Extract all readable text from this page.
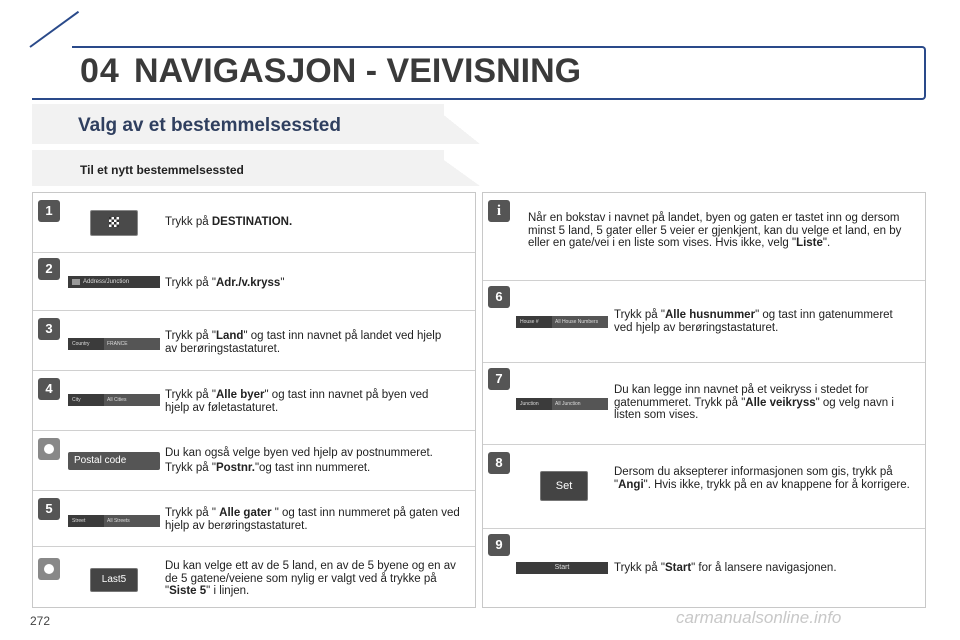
04 NAVIGASJON - VEIVISNING
Valg av et bestemmelsessted
Til et nytt bestemmelsessted
1
Trykk på DESTINATION.
2
Address/Junction	Trykk på "Adr./v.kryss"
3
Country	FRANCE
Trykk på "Land" og tast inn navnet på landet ved hjelp av berøringstastaturet.
4
City	All Cities	Trykk på "Alle byer" og tast inn navnet på byen ved hjelp av føletastaturet.
Postal code
Du kan også velge byen ved hjelp av postnummeret.
Trykk på "Postnr."og tast inn nummeret.
5
Street	All Streets
Trykk på " Alle gater " og tast inn nummeret på gaten ved hjelp av berøringstastaturet.
Last5
Du kan velge ett av de 5 land, en av de 5 byene og en av de 5 gatene/veiene som nylig er valgt ved å trykke på "Siste 5" i linjen.
i	Når en bokstav i navnet på landet, byen og gaten er tastet inn og dersom minst 5 land, 5 gater eller 5 veier er gjenkjent, kan du velge et land, en by eller en gate/vei i en liste som vises. Hvis ikke, velg "Liste".
6
House #	All House Numbers
Trykk på "Alle husnummer" og tast inn gatenummeret ved hjelp av berøringstastaturet.
7
Junction	All Junction
Du kan legge inn navnet på et veikryss i stedet for gatenummeret. Trykk på "Alle veikryss" og velg navn i listen som vises.
8
Set
Dersom du aksepterer informasjonen som gis, trykk på "Angi". Hvis ikke, trykk på en av knappene for å korrigere.
9
Start	Trykk på "Start" for å lansere navigasjonen.
272	carmanualsonline.info
